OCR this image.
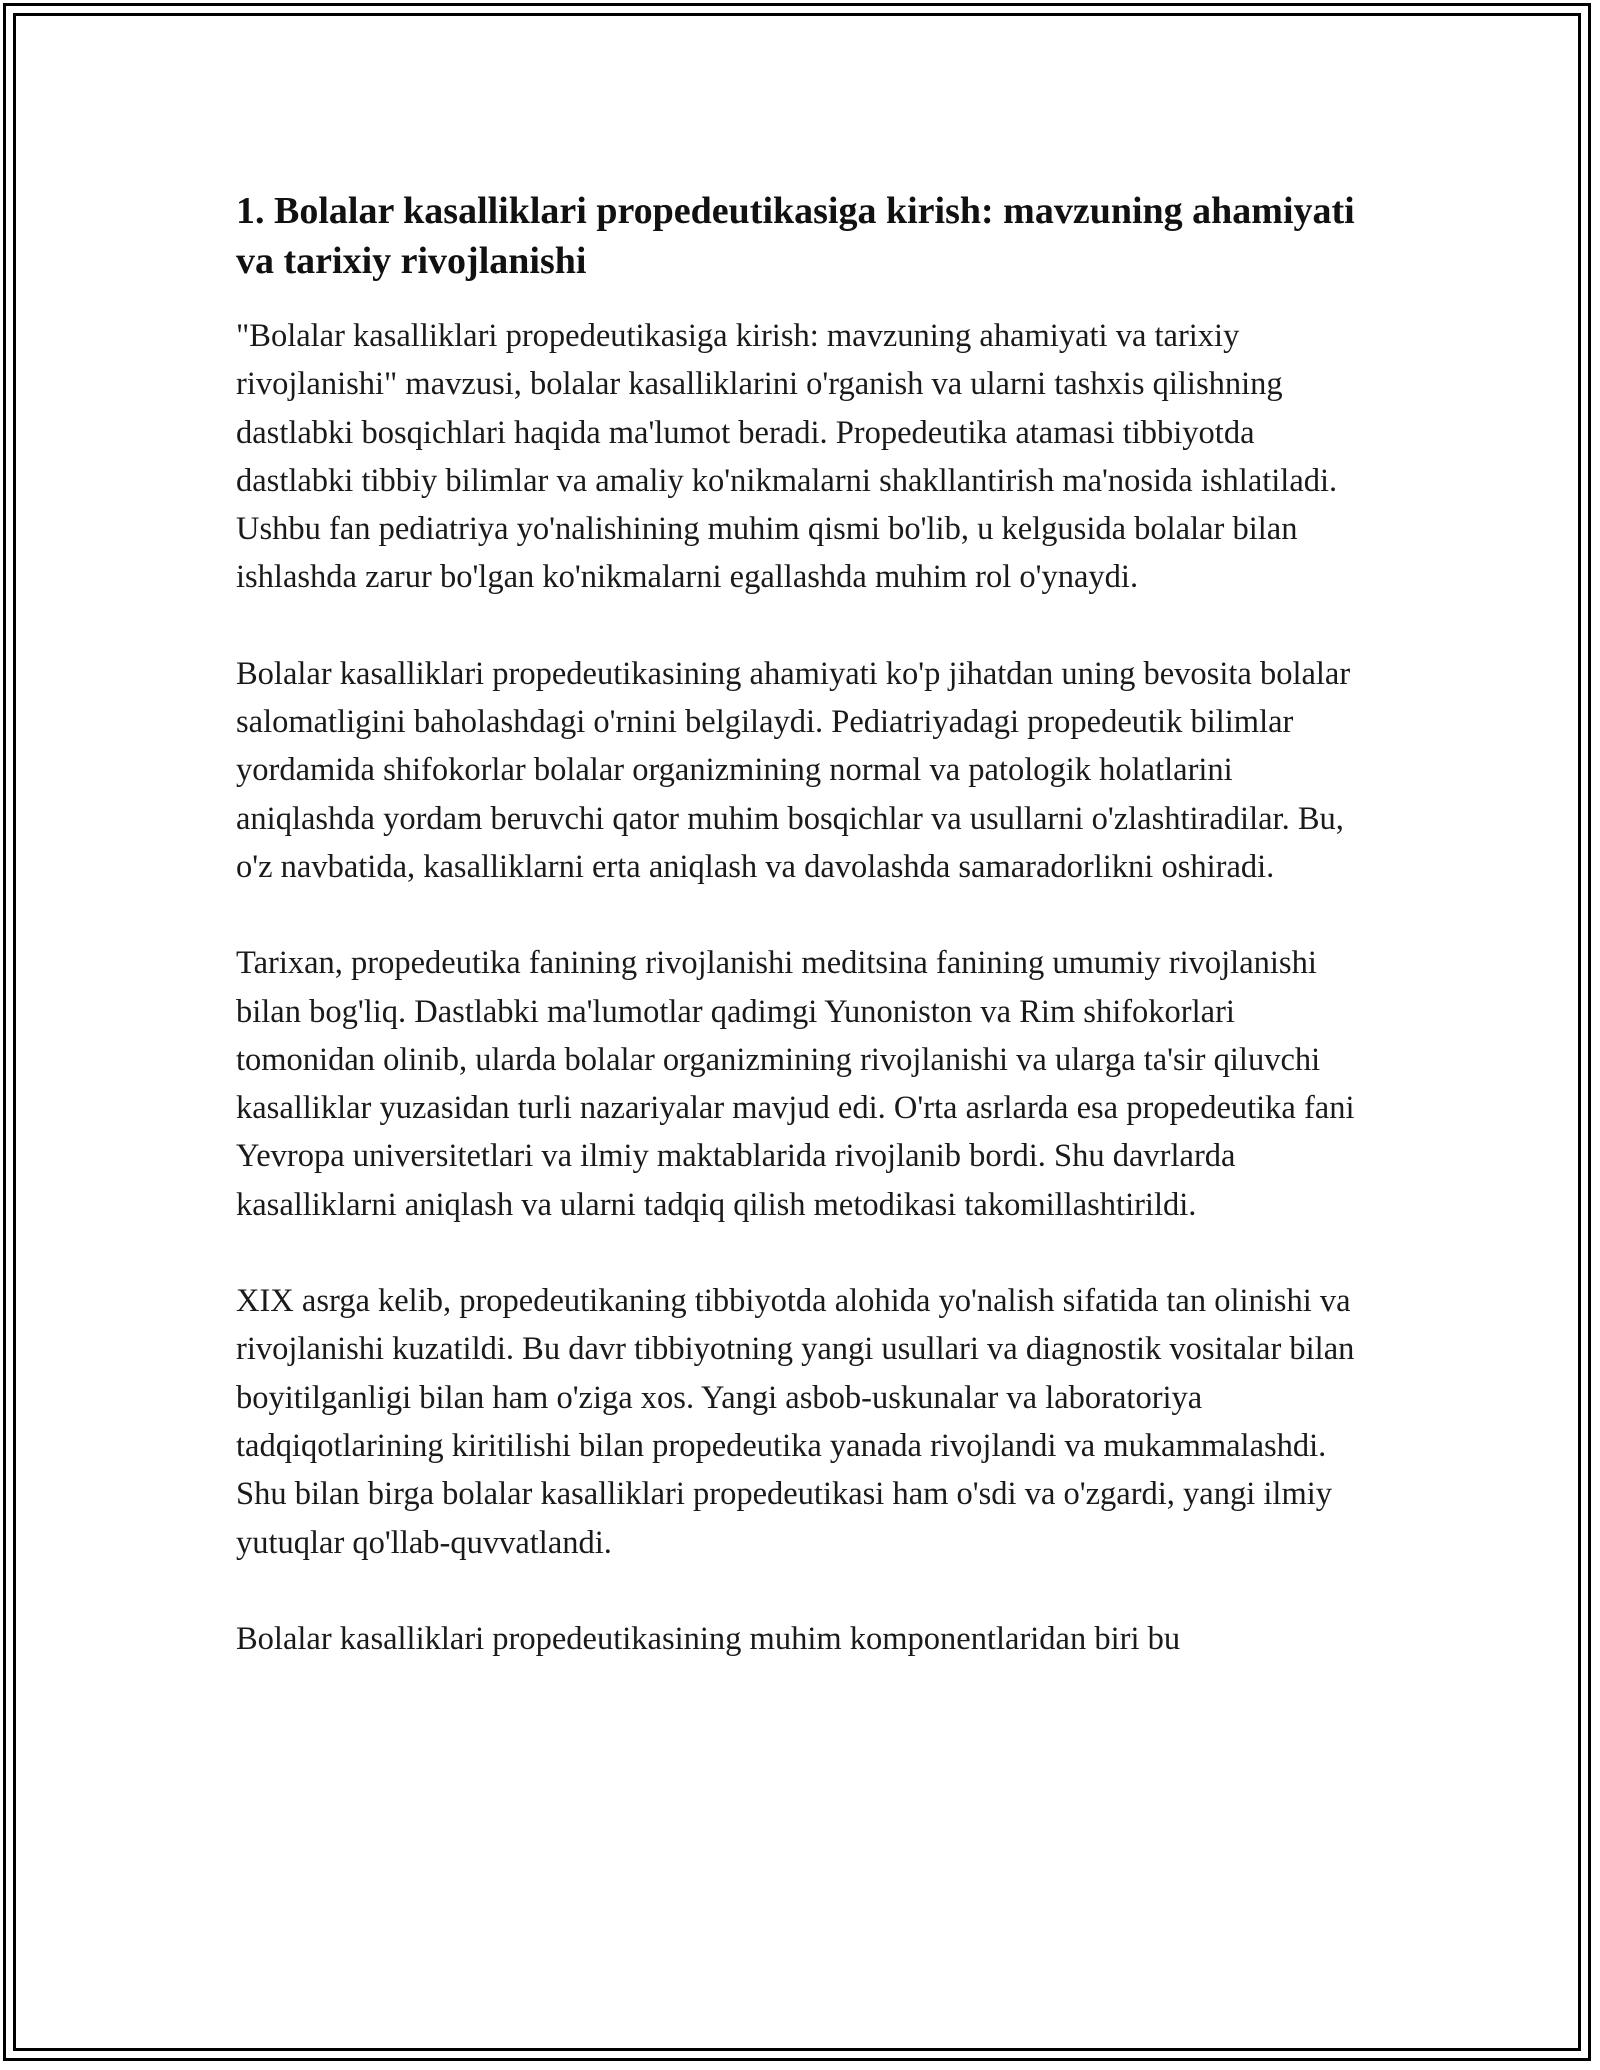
1. Bolalar kasalliklari propedeutikasiga kirish: mavzuning ahamiyati va tarixiy rivojlanishi

"Bolalar kasalliklari propedeutikasiga kirish: mavzuning ahamiyati va tarixiy rivojlanishi" mavzusi, bolalar kasalliklarini o'rganish va ularni tashxis qilishning dastlabki bosqichlari haqida ma'lumot beradi. Propedeutika atamasi tibbiyotda dastlabki tibbiy bilimlar va amaliy ko'nikmalarni shakllantirish ma'nosida ishlatiladi. Ushbu fan pediatriya yo'nalishining muhim qismi bo'lib, u kelgusida bolalar bilan ishlashda zarur bo'lgan ko'nikmalarni egallashda muhim rol o'ynaydi.

Bolalar kasalliklari propedeutikasining ahamiyati ko'p jihatdan uning bevosita bolalar salomatligini baholashdagi o'rnini belgilaydi. Pediatriyadagi propedeutik bilimlar yordamida shifokorlar bolalar organizmining normal va patologik holatlarini aniqlashda yordam beruvchi qator muhim bosqichlar va usullarni o'zlashtiradilar. Bu, o'z navbatida, kasalliklarni erta aniqlash va davolashda samaradorlikni oshiradi.

Tarixan, propedeutika fanining rivojlanishi meditsina fanining umumiy rivojlanishi bilan bog'liq. Dastlabki ma'lumotlar qadimgi Yunoniston va Rim shifokorlari tomonidan olinib, ularda bolalar organizmining rivojlanishi va ularga ta'sir qiluvchi kasalliklar yuzasidan turli nazariyalar mavjud edi. O'rta asrlarda esa propedeutika fani Yevropa universitetlari va ilmiy maktablarida rivojlanib bordi. Shu davrlarda kasalliklarni aniqlash va ularni tadqiq qilish metodikasi takomillashtirildi.

XIX asrga kelib, propedeutikaning tibbiyotda alohida yo'nalish sifatida tan olinishi va rivojlanishi kuzatildi. Bu davr tibbiyotning yangi usullari va diagnostik vositalar bilan boyitilganligi bilan ham o'ziga xos. Yangi asbob-uskunalar va laboratoriya tadqiqotlarining kiritilishi bilan propedeutika yanada rivojlandi va mukammalashdi. Shu bilan birga bolalar kasalliklari propedeutikasi ham o'sdi va o'zgardi, yangi ilmiy yutuqlar qo'llab-quvvatlandi.

Bolalar kasalliklari propedeutikasining muhim komponentlaridan biri bu
